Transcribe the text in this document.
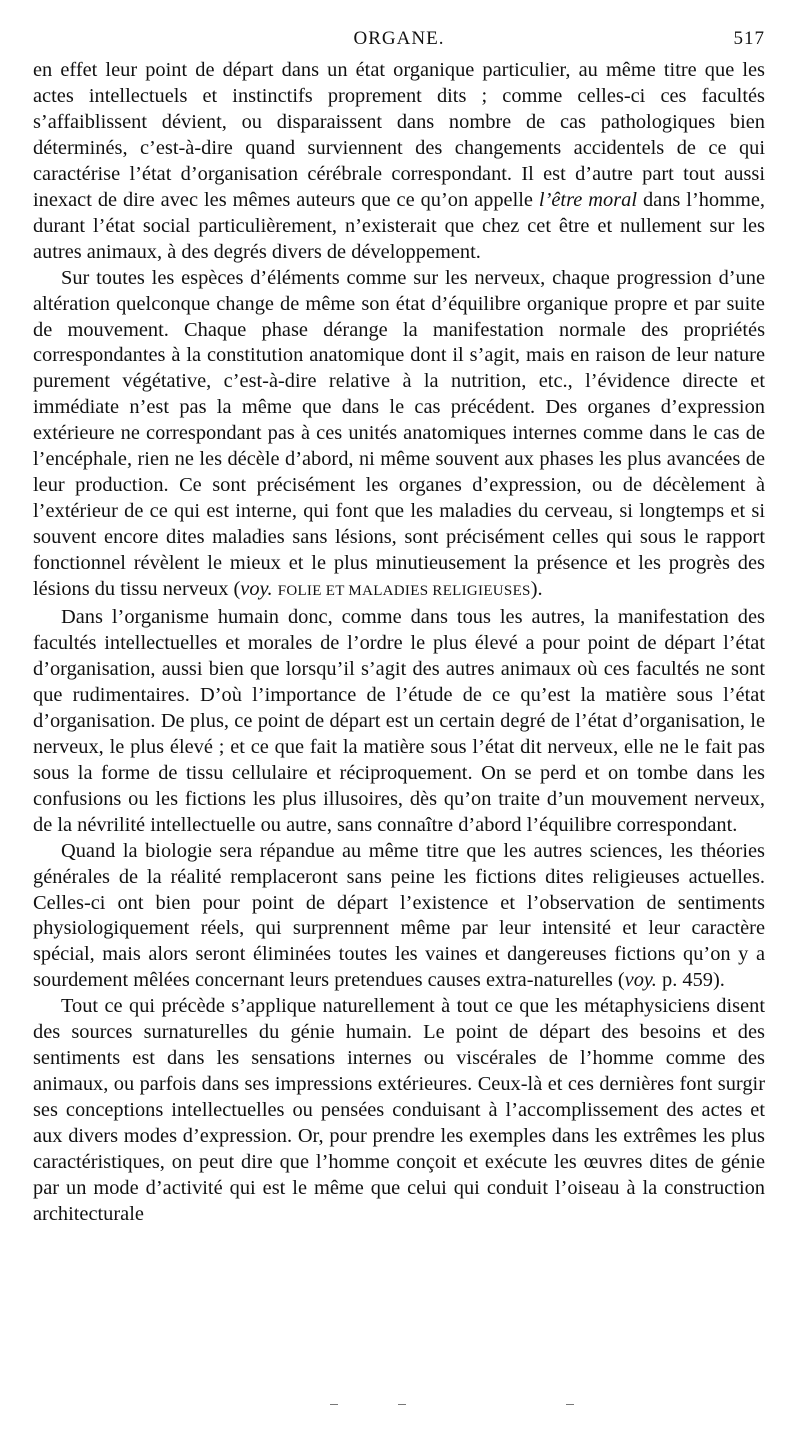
ORGANE.	517

en effet leur point de départ dans un état organique particulier, au même titre que les actes intellectuels et instinctifs proprement dits ; comme celles-ci ces facultés s’affaiblissent dévient, ou disparaissent dans nombre de cas pathologiques bien déterminés, c’est-à-dire quand surviennent des changements accidentels de ce qui caractérise l’état d’organisation cérébrale correspondant. Il est d’autre part tout aussi inexact de dire avec les mêmes auteurs que ce qu’on appelle l’être moral dans l’homme, durant l’état social particulièrement, n’existerait que chez cet être et nullement sur les autres animaux, à des degrés divers de développement.

Sur toutes les espèces d’éléments comme sur les nerveux, chaque progression d’une altération quelconque change de même son état d’équilibre organique propre et par suite de mouvement. Chaque phase dérange la manifestation normale des propriétés correspondantes à la constitution anatomique dont il s’agit, mais en raison de leur nature purement végétative, c’est-à-dire relative à la nutrition, etc., l’évidence directe et immédiate n’est pas la même que dans le cas précédent. Des organes d’expression extérieure ne correspondant pas à ces unités anatomiques internes comme dans le cas de l’encéphale, rien ne les décèle d’abord, ni même souvent aux phases les plus avancées de leur production. Ce sont précisément les organes d’expression, ou de décèlement à l’extérieur de ce qui est interne, qui font que les maladies du cerveau, si longtemps et si souvent encore dites maladies sans lésions, sont précisément celles qui sous le rapport fonctionnel révèlent le mieux et le plus minutieusement la présence et les progrès des lésions du tissu nerveux (voy. FOLIE ET MALADIES RELIGIEUSES).

Dans l’organisme humain donc, comme dans tous les autres, la manifestation des facultés intellectuelles et morales de l’ordre le plus élevé a pour point de départ l’état d’organisation, aussi bien que lorsqu’il s’agit des autres animaux où ces facultés ne sont que rudimentaires. D’où l’importance de l’étude de ce qu’est la matière sous l’état d’organisation. De plus, ce point de départ est un certain degré de l’état d’organisation, le nerveux, le plus élevé ; et ce que fait la matière sous l’état dit nerveux, elle ne le fait pas sous la forme de tissu cellulaire et réciproquement. On se perd et on tombe dans les confusions ou les fictions les plus illusoires, dès qu’on traite d’un mouvement nerveux, de la névrilité intellectuelle ou autre, sans connaître d’abord l’équilibre correspondant.

Quand la biologie sera répandue au même titre que les autres sciences, les théories générales de la réalité remplaceront sans peine les fictions dites religieuses actuelles. Celles-ci ont bien pour point de départ l’existence et l’observation de sentiments physiologiquement réels, qui surprennent même par leur intensité et leur caractère spécial, mais alors seront éliminées toutes les vaines et dangereuses fictions qu’on y a sourdement mêlées concernant leurs pretendues causes extra-naturelles (voy. p. 459).

Tout ce qui précède s’applique naturellement à tout ce que les métaphysiciens disent des sources surnaturelles du génie humain. Le point de départ des besoins et des sentiments est dans les sensations internes ou viscérales de l’homme comme des animaux, ou parfois dans ses impressions extérieures. Ceux-là et ces dernières font surgir ses conceptions intellectuelles ou pensées conduisant à l’accomplissement des actes et aux divers modes d’expression. Or, pour prendre les exemples dans les extrêmes les plus caractéristiques, on peut dire que l’homme conçoit et exécute les œuvres dites de génie par un mode d’activité qui est le même que celui qui conduit l’oiseau à la construction architecturale
